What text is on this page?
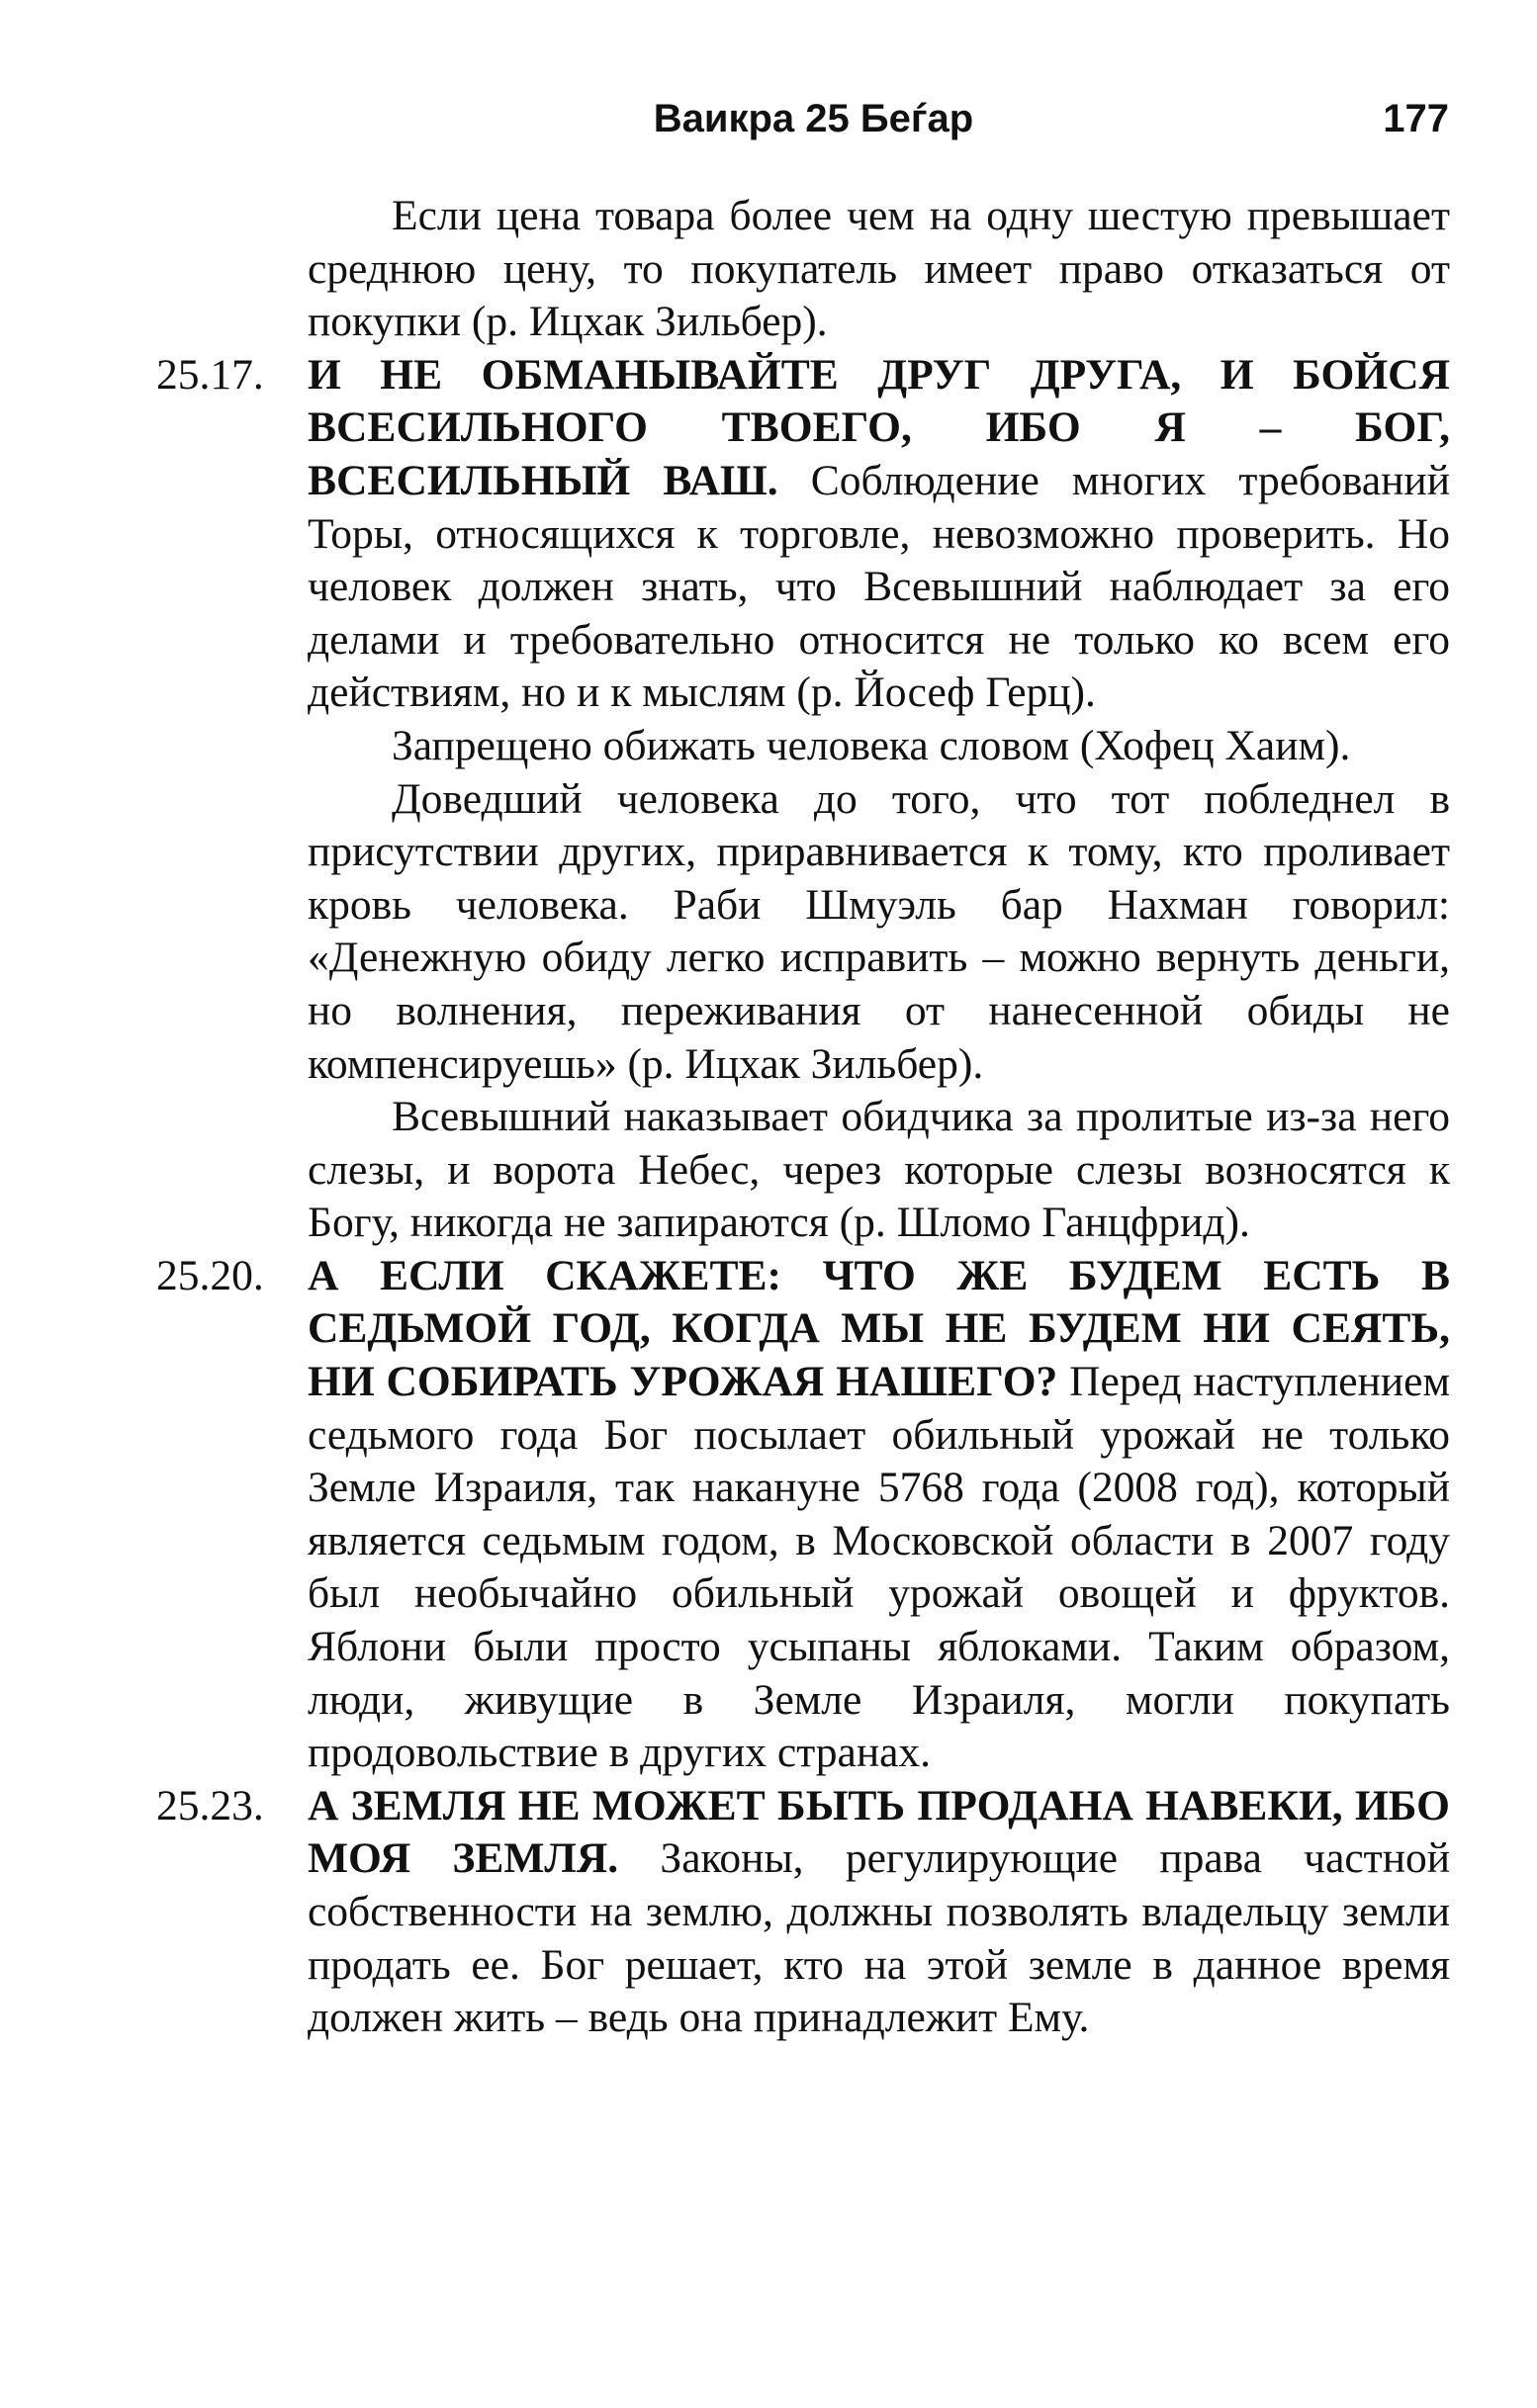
Ваикра 25 Беѓар	177
Если цена товара более чем на одну шестую превышает среднюю цену, то покупатель имеет право отказаться от покупки (р. Ицхак Зильбер).
25.17. И НЕ ОБМАНЫВАЙТЕ ДРУГ ДРУГА, И БОЙСЯ ВСЕСИЛЬНОГО ТВОЕГО, ИБО Я – БОГ, ВСЕСИЛЬНЫЙ ВАШ. Соблюдение многих требований Торы, относящихся к торговле, невозможно проверить. Но человек должен знать, что Всевышний наблюдает за его делами и требовательно относится не только ко всем его действиям, но и к мыслям (р. Йосеф Герц).
Запрещено обижать человека словом (Хофец Хаим).
Доведший человека до того, что тот побледнел в присутствии других, приравнивается к тому, кто проливает кровь человека. Раби Шмуэль бар Нахман говорил: «Денежную обиду легко исправить – можно вернуть деньги, но волнения, переживания от нанесенной обиды не компенсируешь» (р. Ицхак Зильбер).
Всевышний наказывает обидчика за пролитые из-за него слезы, и ворота Небес, через которые слезы возносятся к Богу, никогда не запираются (р. Шломо Ганцфрид).
25.20. А ЕСЛИ СКАЖЕТЕ: ЧТО ЖЕ БУДЕМ ЕСТЬ В СЕДЬМОЙ ГОД, КОГДА МЫ НЕ БУДЕМ НИ СЕЯТЬ, НИ СОБИРАТЬ УРОЖАЯ НАШЕГО? Перед наступлением седьмого года Бог посылает обильный урожай не только Земле Израиля, так накануне 5768 года (2008 год), который является седьмым годом, в Московской области в 2007 году был необычайно обильный урожай овощей и фруктов. Яблони были просто усыпаны яблоками. Таким образом, люди, живущие в Земле Израиля, могли покупать продовольствие в других странах.
25.23. А ЗЕМЛЯ НЕ МОЖЕТ БЫТЬ ПРОДАНА НАВЕКИ, ИБО МОЯ ЗЕМЛЯ. Законы, регулирующие права частной собственности на землю, должны позволять владельцу земли продать ее. Бог решает, кто на этой земле в данное время должен жить – ведь она принадлежит Ему.
